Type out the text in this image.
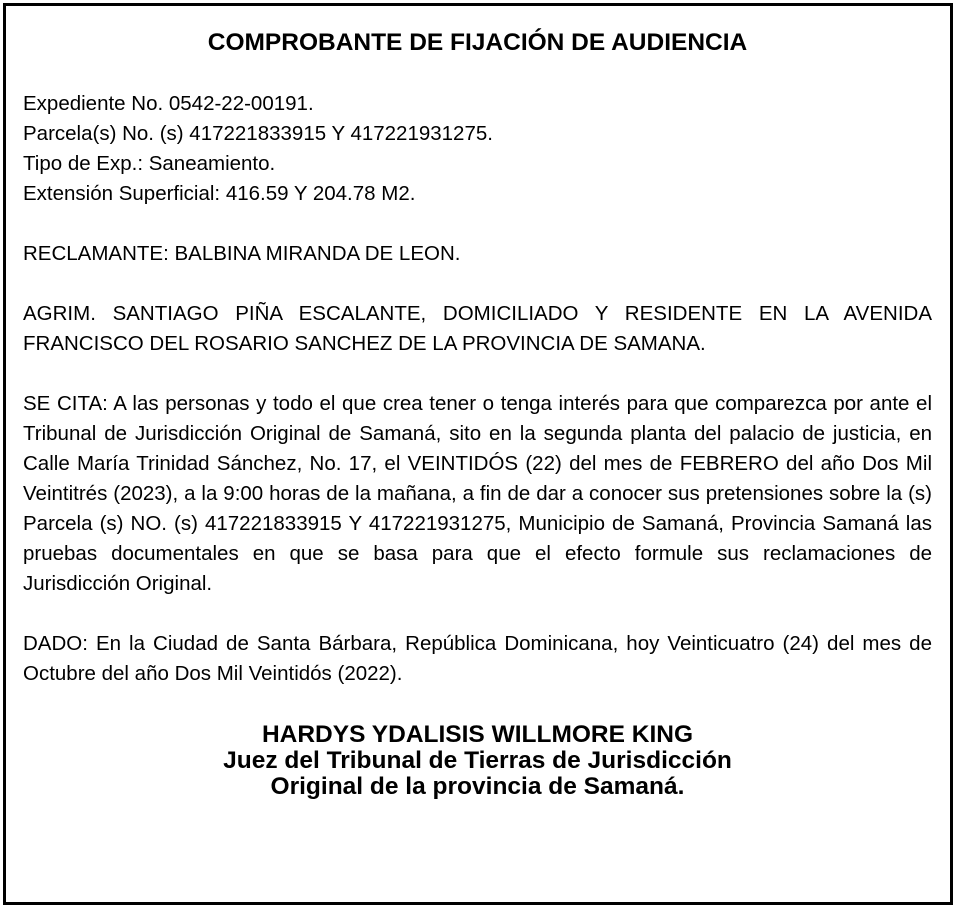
COMPROBANTE DE FIJACIÓN DE AUDIENCIA
Expediente No. 0542-22-00191.
Parcela(s) No. (s) 417221833915 Y 417221931275.
Tipo de Exp.: Saneamiento.
Extensión Superficial: 416.59 Y 204.78 M2.
RECLAMANTE: BALBINA MIRANDA DE LEON.

AGRIM. SANTIAGO PIÑA ESCALANTE, DOMICILIADO Y RESIDENTE EN LA AVENIDA FRANCISCO DEL ROSARIO SANCHEZ DE LA PROVINCIA DE SAMANA.

SE CITA: A las personas y todo el que crea tener o tenga interés para que comparezca por ante el Tribunal de Jurisdicción Original de Samaná, sito en la segunda planta del palacio de justicia, en Calle María Trinidad Sánchez, No. 17, el VEINTIDÓS (22) del mes de FEBRERO del año Dos Mil Veintitrés (2023), a la 9:00 horas de la mañana, a fin de dar a conocer sus pretensiones sobre la (s) Parcela (s) NO. (s) 417221833915 Y 417221931275, Municipio de Samaná, Provincia Samaná las pruebas documentales en que se basa para que el efecto formule sus reclamaciones de Jurisdicción Original.

DADO: En la Ciudad de Santa Bárbara, República Dominicana, hoy Veinticuatro (24) del mes de Octubre del año Dos Mil Veintidós (2022).

HARDYS YDALISIS WILLMORE KING
Juez del Tribunal de Tierras de Jurisdicción
Original de la provincia de Samaná.
